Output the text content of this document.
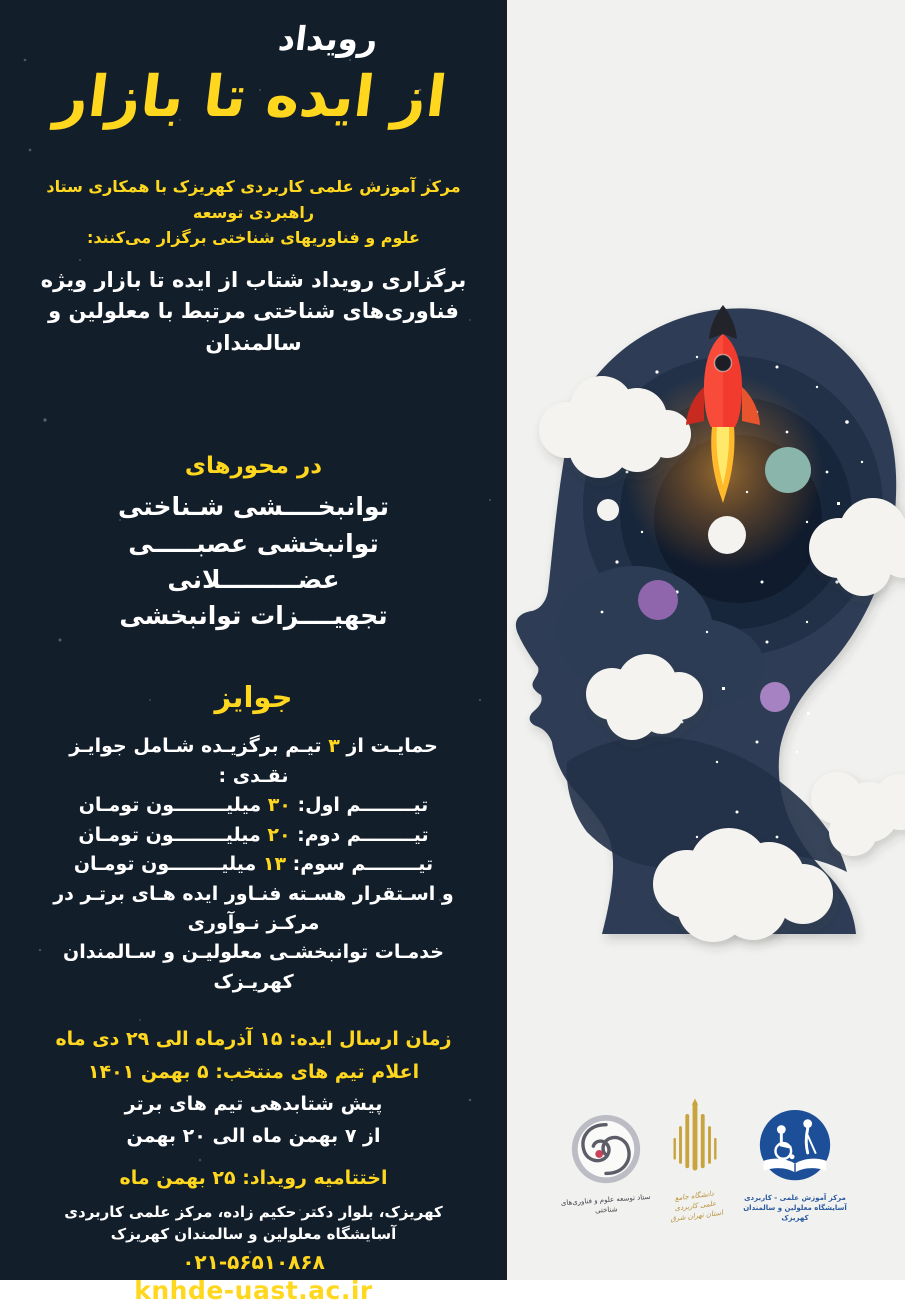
رویداد
از ایده تا بازار
مرکز آموزش علمی کاربردی کهریزک با همکاری ستاد راهبردی توسعه
علوم و فناوریهای شناختی برگزار می‌کنند:
برگزاری رویداد شتاب از ایده تا بازار ویژه
فناوری‌های شناختی مرتبط با معلولین و سالمندان
در محورهای
توانبخــــشی شـناختی
توانبخشی عصبـــــی
عضـــــــــلانی
تجهیــــزات توانبخشی
جوایز
حمایـت از ۳ تیـم برگزیـده شـامل جوایـز نقـدی :
تیــــــــم اول: ۳۰ میلیــــــــون تومـان
تیــــــــم دوم: ۲۰ میلیــــــــون تومـان
تیــــــــم سوم: ۱۳ میلیــــــــون تومـان
و اسـتقرار هسـته فنـاور ایده هـای برتـر در مرکـز نـوآوری
خدمـات توانبخشـی معلولیـن و سـالمندان کهریـزک
زمان ارسال ایده: ۱۵ آذرماه الی ۲۹ دی ماه
اعلام تیم های منتخب: ۵ بهمن ۱۴۰۱
پیش شتابدهی تیم های برتر
از ۷ بهمن ماه الی ۲۰ بهمن
اختتامیه رویداد: ۲۵ بهمن ماه
کهریزک، بلوار دکتر حکیم زاده، مرکز علمی کاربردی
آسایشگاه معلولین و سالمندان کهریزک
۰۲۱-۵۶۵۱۰۸۶۸
knhde-uast.ac.ir
ستاد توسعه علوم و فناوری‌های شناختی
دانشگاه جامع
علمی کاربردی
استان تهران شرق
مرکز آموزش علمی - کاربردی
آسایشگاه معلولین و سالمندان کهریزک
